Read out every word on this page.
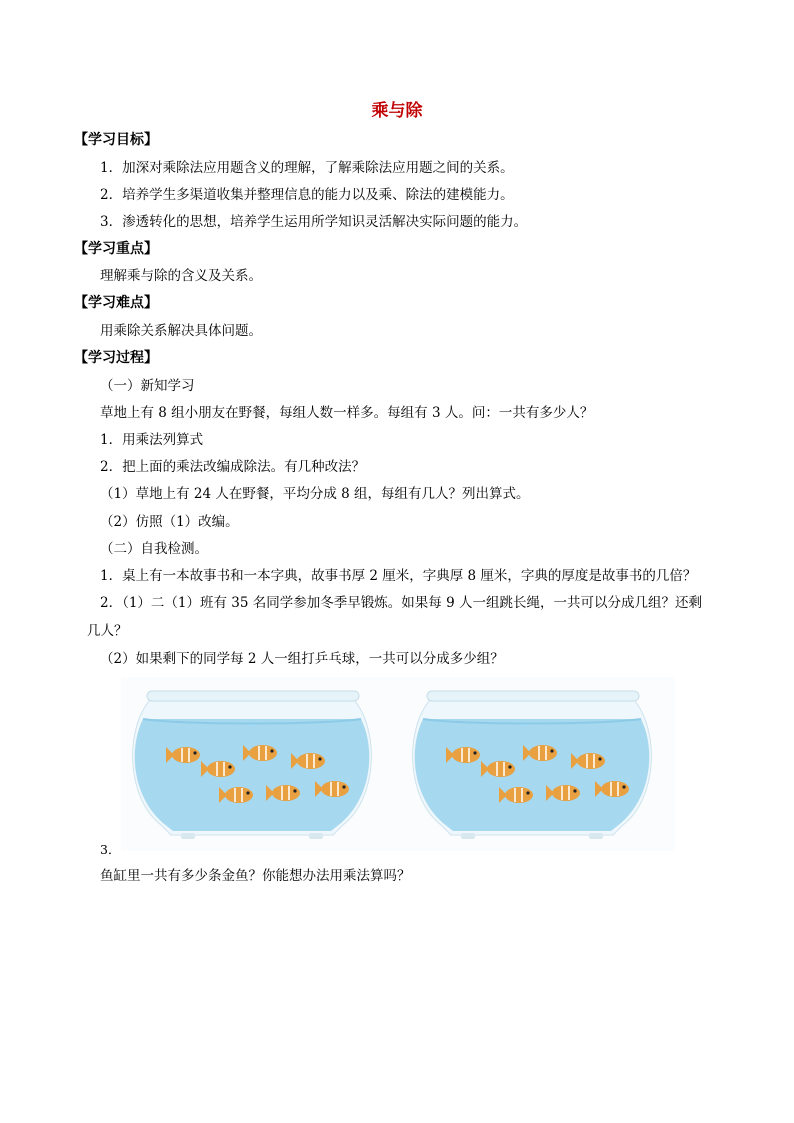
乘与除
【学习目标】
1．加深对乘除法应用题含义的理解，了解乘除法应用题之间的关系。
2．培养学生多渠道收集并整理信息的能力以及乘、除法的建模能力。
3．渗透转化的思想，培养学生运用所学知识灵活解决实际问题的能力。
【学习重点】
理解乘与除的含义及关系。
【学习难点】
用乘除关系解决具体问题。
【学习过程】
（一）新知学习
草地上有 8 组小朋友在野餐，每组人数一样多。每组有 3 人。问：一共有多少人？
1．用乘法列算式
2．把上面的乘法改编成除法。有几种改法？
（1）草地上有 24 人在野餐，平均分成 8 组，每组有几人？列出算式。
（2）仿照（1）改编。
（二）自我检测。
1．桌上有一本故事书和一本字典，故事书厚 2 厘米，字典厚 8 厘米，字典的厚度是故事书的几倍？
2．（1）二（1）班有 35 名同学参加冬季早锻炼。如果每 9 人一组跳长绳，一共可以分成几组？还剩
几人？
（2）如果剩下的同学每 2 人一组打乒乓球，一共可以分成多少组？
3．
鱼缸里一共有多少条金鱼？你能想办法用乘法算吗？
